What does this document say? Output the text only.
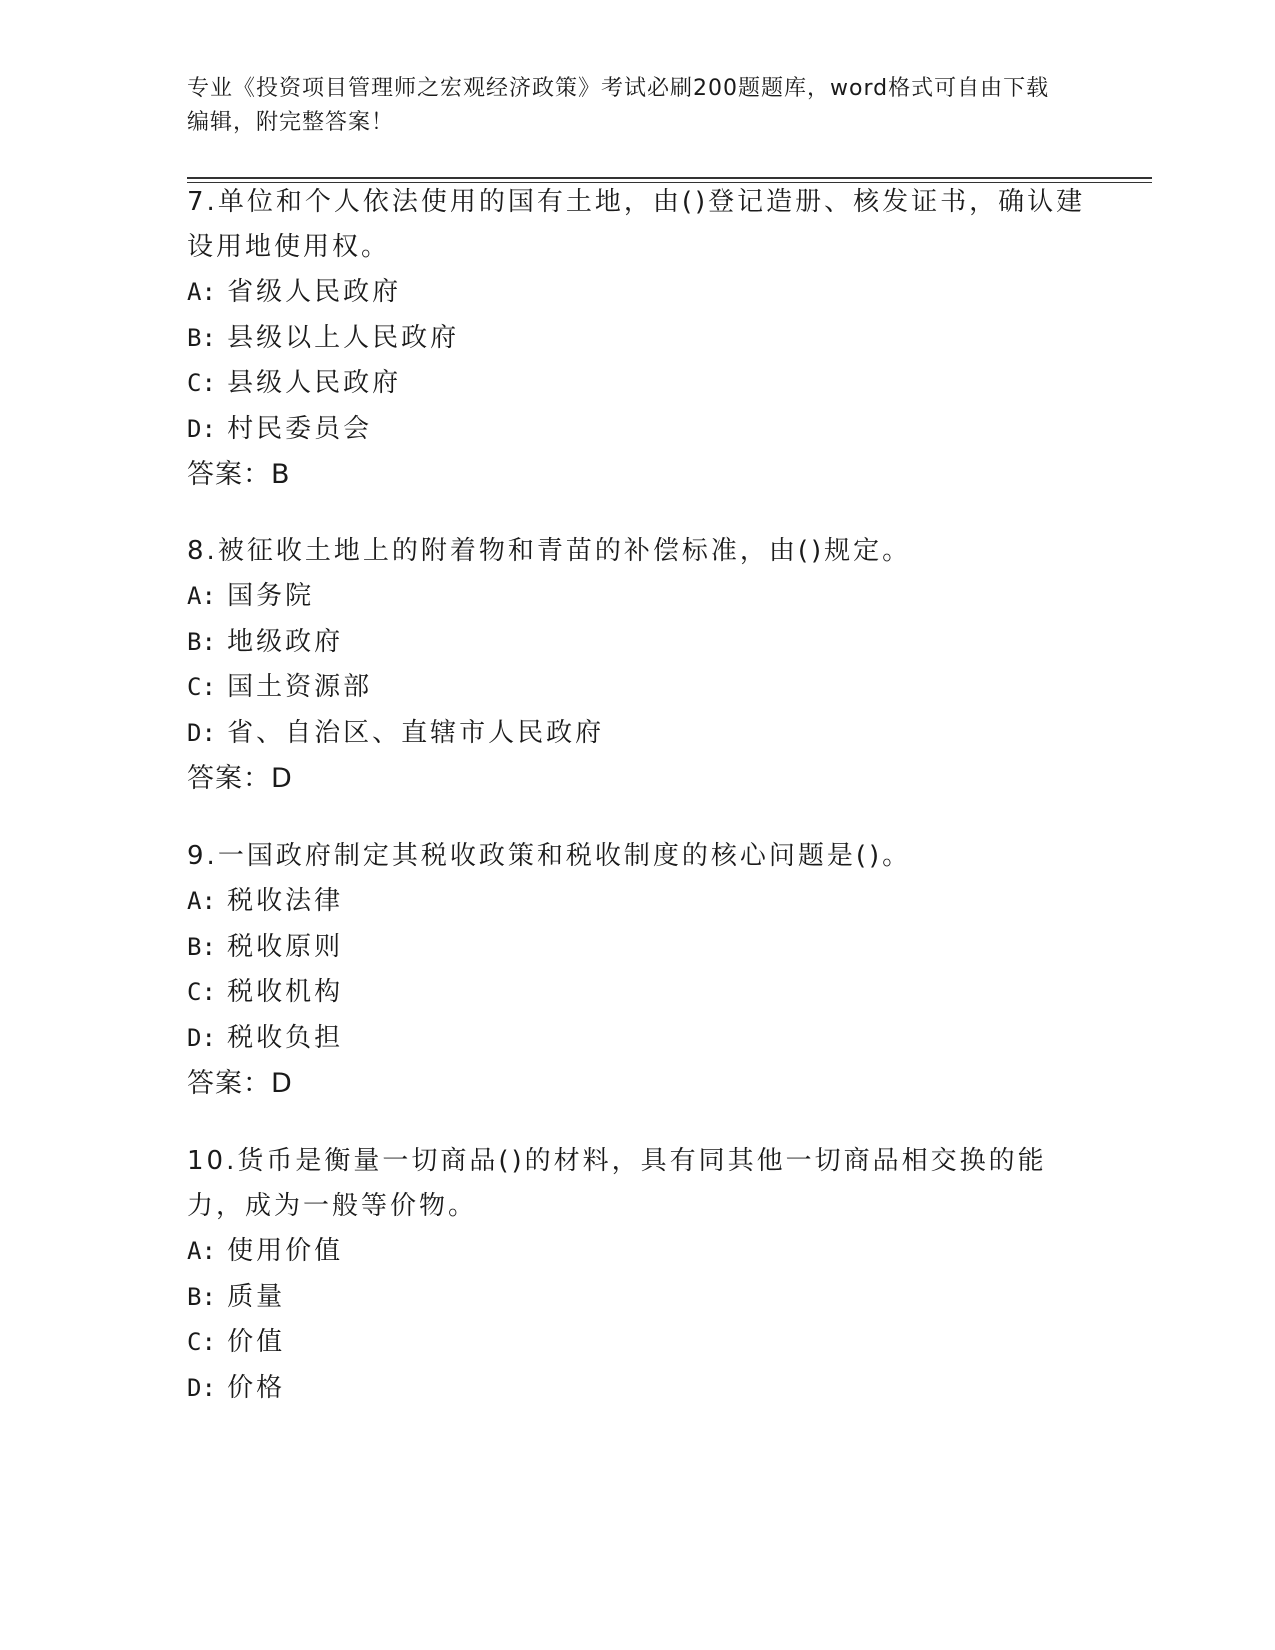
专业《投资项目管理师之宏观经济政策》考试必刷200题题库，word格式可自由下载编辑，附完整答案！

7.单位和个人依法使用的国有土地，由()登记造册、核发证书，确认建设用地使用权。

A: 省级人民政府

B: 县级以上人民政府

C: 县级人民政府

D: 村民委员会

答案：B

8.被征收土地上的附着物和青苗的补偿标准，由()规定。

A: 国务院

B: 地级政府

C: 国土资源部

D: 省、自治区、直辖市人民政府

答案：D

9.一国政府制定其税收政策和税收制度的核心问题是()。

A: 税收法律

B: 税收原则

C: 税收机构

D: 税收负担

答案：D

10.货币是衡量一切商品()的材料，具有同其他一切商品相交换的能力，成为一般等价物。

A: 使用价值

B: 质量

C: 价值

D: 价格
